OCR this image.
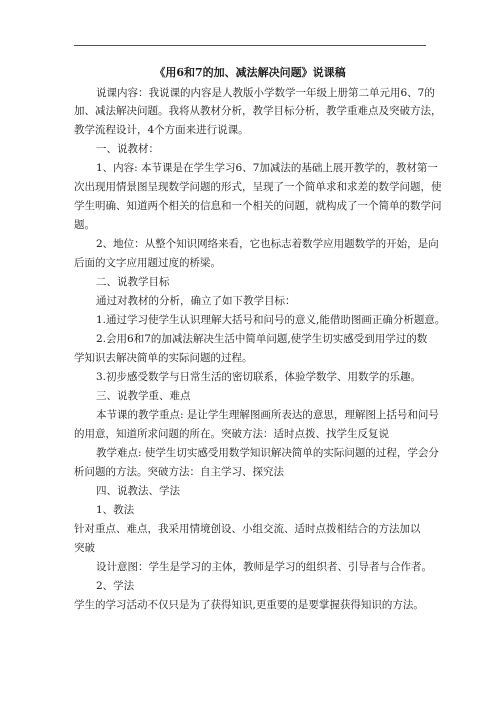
《用6和7的加、减法解决问题》说课稿
说课内容：我说课的内容是人教版小学数学一年级上册第二单元用6、7的
加、减法解决问题。我将从教材分析，教学目标分析，教学重难点及突破方法，
教学流程设计，4个方面来进行说课。
一、说教材：
1、内容: 本节课是在学生学习6、7加减法的基础上展开教学的，教材第一
次出现用情景图呈现数学问题的形式，呈现了一个简单求和求差的数学问题，使
学生明确、知道两个相关的信息和一个相关的问题，就构成了一个简单的数学问
题。
2、地位：从整个知识网络来看，它也标志着数学应用题数学的开始，是向
后面的文字应用题过度的桥梁。
二、说教学目标
通过对教材的分析，确立了如下教学目标：
1.通过学习使学生认识理解大括号和问号的意义,能借助图画正确分析题意。
2.会用6和7的加减法解决生活中简单问题,使学生切实感受到用学过的数
学知识去解决简单的实际问题的过程。
3.初步感受数学与日常生活的密切联系，体验学数学、用数学的乐趣。
三、说教学重、难点
本节课的教学重点: 是让学生理解图画所表达的意思，理解图上括号和问号
的用意，知道所求问题的所在。突破方法：适时点拨、找学生反复说
教学难点: 使学生切实感受用数学知识解决简单的实际问题的过程，学会分
析问题的方法。突破方法：自主学习、探究法
四、说教法、学法
1、教法
针对重点、难点，我采用情境创设、小组交流、适时点拨相结合的方法加以
突破
设计意图：学生是学习的主体，教师是学习的组织者、引导者与合作者。
2、学法
学生的学习活动不仅只是为了获得知识,更重要的是要掌握获得知识的方法。
